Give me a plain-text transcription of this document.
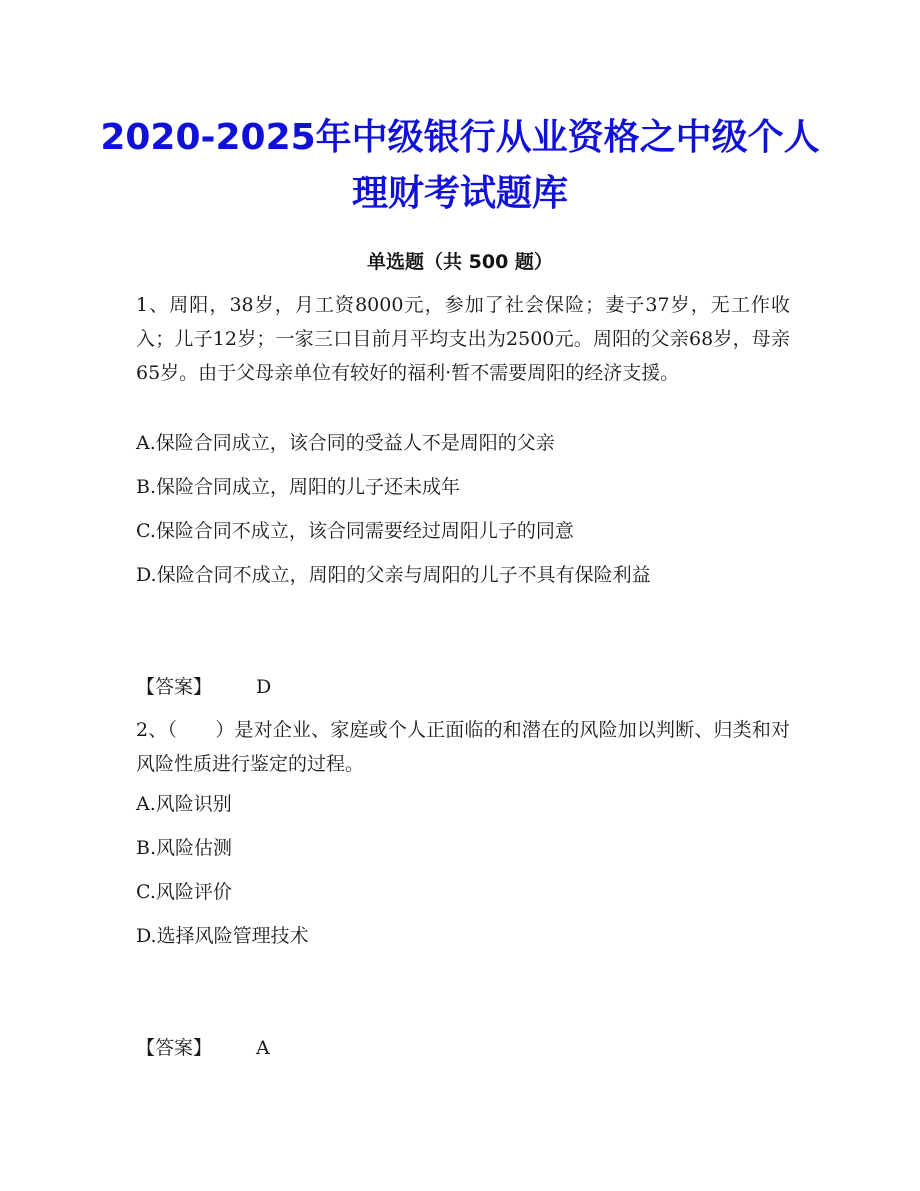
2020-2025年中级银行从业资格之中级个人理财考试题库
单选题（共 500 题）
1、周阳，38岁，月工资8000元，参加了社会保险；妻子37岁，无工作收入；儿子12岁；一家三口目前月平均支出为2500元。周阳的父亲68岁，母亲65岁。由于父母亲单位有较好的福利·暂不需要周阳的经济支援。
A.保险合同成立，该合同的受益人不是周阳的父亲
B.保险合同成立，周阳的儿子还未成年
C.保险合同不成立，该合同需要经过周阳儿子的同意
D.保险合同不成立，周阳的父亲与周阳的儿子不具有保险利益
【答案】 D
2、（　　）是对企业、家庭或个人正面临的和潜在的风险加以判断、归类和对风险性质进行鉴定的过程。
A.风险识别
B.风险估测
C.风险评价
D.选择风险管理技术
【答案】 A
